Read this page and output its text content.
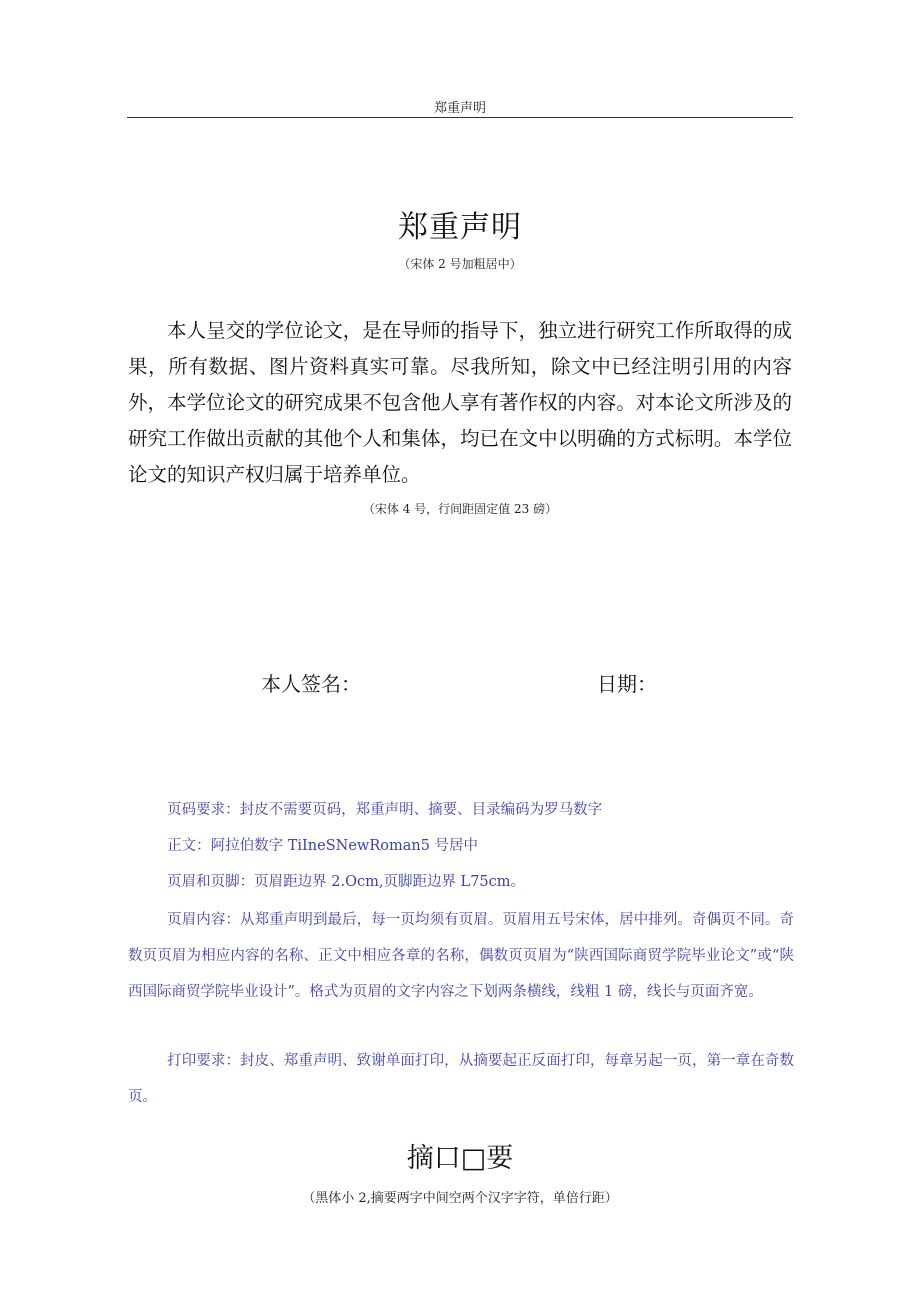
郑重声明
郑重声明
（宋体 2 号加粗居中）

本人呈交的学位论文，是在导师的指导下，独立进行研究工作所取得的成果，所有数据、图片资料真实可靠。尽我所知，除文中已经注明引用的内容外，本学位论文的研究成果不包含他人享有著作权的内容。对本论文所涉及的研究工作做出贡献的其他个人和集体，均已在文中以明确的方式标明。本学位论文的知识产权归属于培养单位。

（宋体 4 号，行间距固定值 23 磅）
本人签名：	日期：

页码要求：封皮不需要页码，郑重声明、摘要、目录编码为罗马数字

正文：阿拉伯数字 TiIneSNewRoman5 号居中

页眉和页脚：页眉距边界 2.Ocm,页脚距边界 L75cm。

页眉内容：从郑重声明到最后，每一页均须有页眉。页眉用五号宋体，居中排列。奇偶页不同。奇数页页眉为相应内容的名称、正文中相应各章的名称，偶数页页眉为“陕西国际商贸学院毕业论文”或“陕西国际商贸学院毕业设计”。格式为页眉的文字内容之下划两条横线，线粗 1 磅，线长与页面齐宽。

打印要求：封皮、郑重声明、致谢单面打印，从摘要起正反面打印，每章另起一页，第一章在奇数页。

摘口□要
（黑体小 2,摘要两字中间空两个汉字字符，单倍行距）
